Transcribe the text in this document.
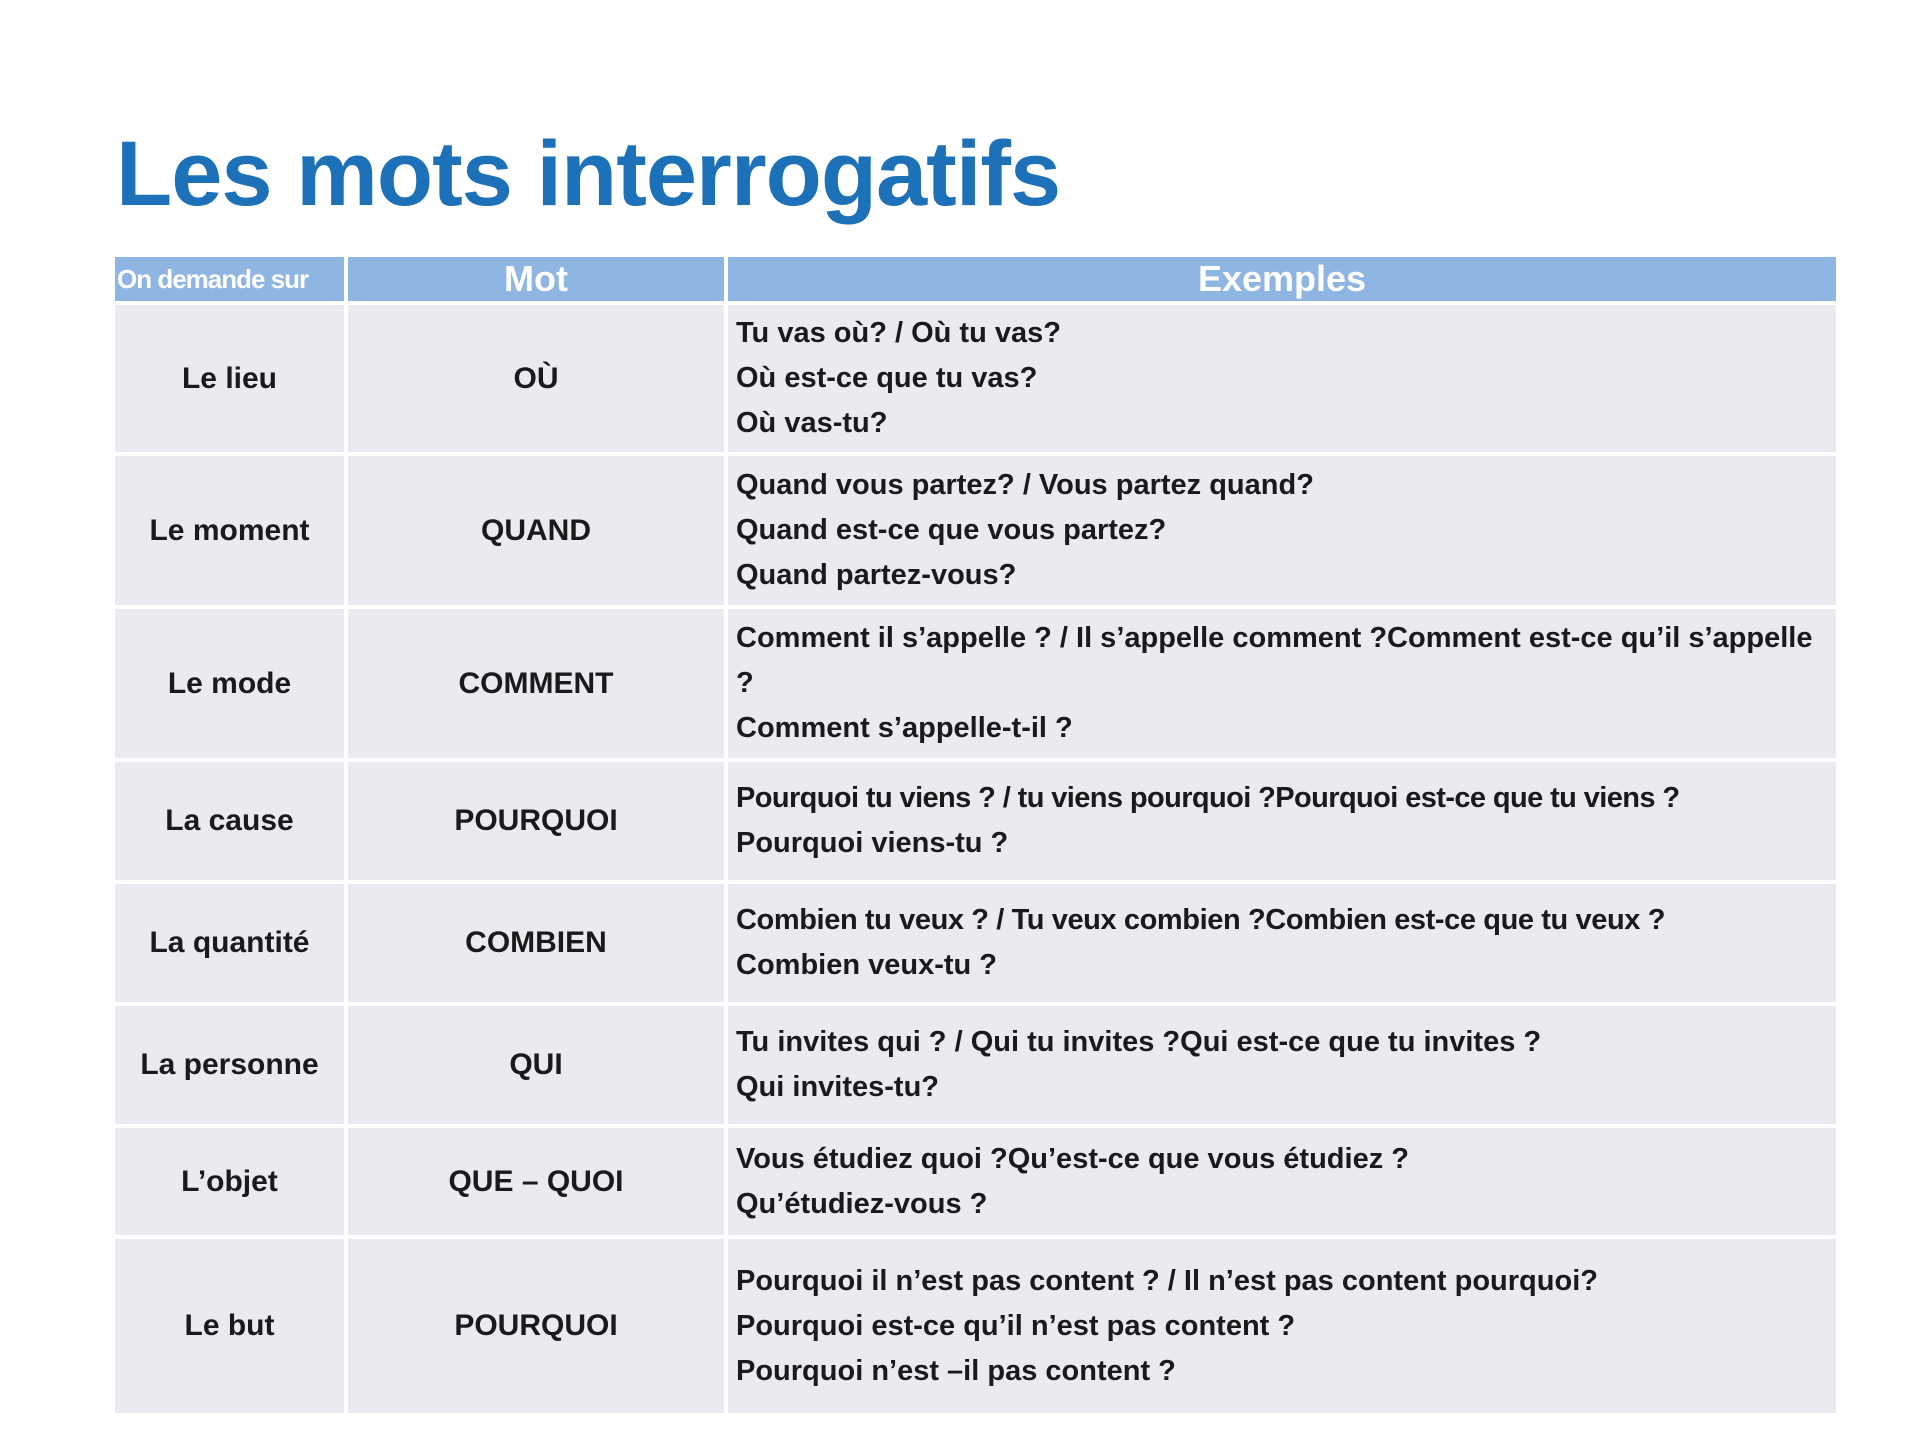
Les mots interrogatifs
On demande sur	Mot	Exemples
Le lieu	OÙ	Tu vas où? / Où tu vas?
Où est-ce que tu vas?
Où vas-tu?

Le moment	QUAND	Quand vous partez? / Vous partez quand?
Quand est-ce que vous partez?
Quand partez-vous?

Le mode	COMMENT	Comment il s’appelle ? / Il s’appelle comment ?Comment est-ce qu’il s’appelle ?
Comment s’appelle-t-il ?

La cause	POURQUOI	Pourquoi tu viens ? / tu viens pourquoi ?Pourquoi est-ce que tu viens ?
Pourquoi viens-tu ?

La quantité	COMBIEN	Combien tu veux ? / Tu veux combien ?Combien est-ce que tu veux ?
Combien veux-tu ?

La personne	QUI	Tu invites qui ? / Qui tu invites ?Qui est-ce que tu invites ?
Qui invites-tu?

L’objet	QUE – QUOI	Vous étudiez quoi ?Qu’est-ce que vous étudiez ?
Qu’étudiez-vous ?

Le but	POURQUOI	Pourquoi il n’est pas content ? / Il n’est pas content pourquoi?
Pourquoi est-ce qu’il n’est pas content ?
Pourquoi n’est –il pas content ?
